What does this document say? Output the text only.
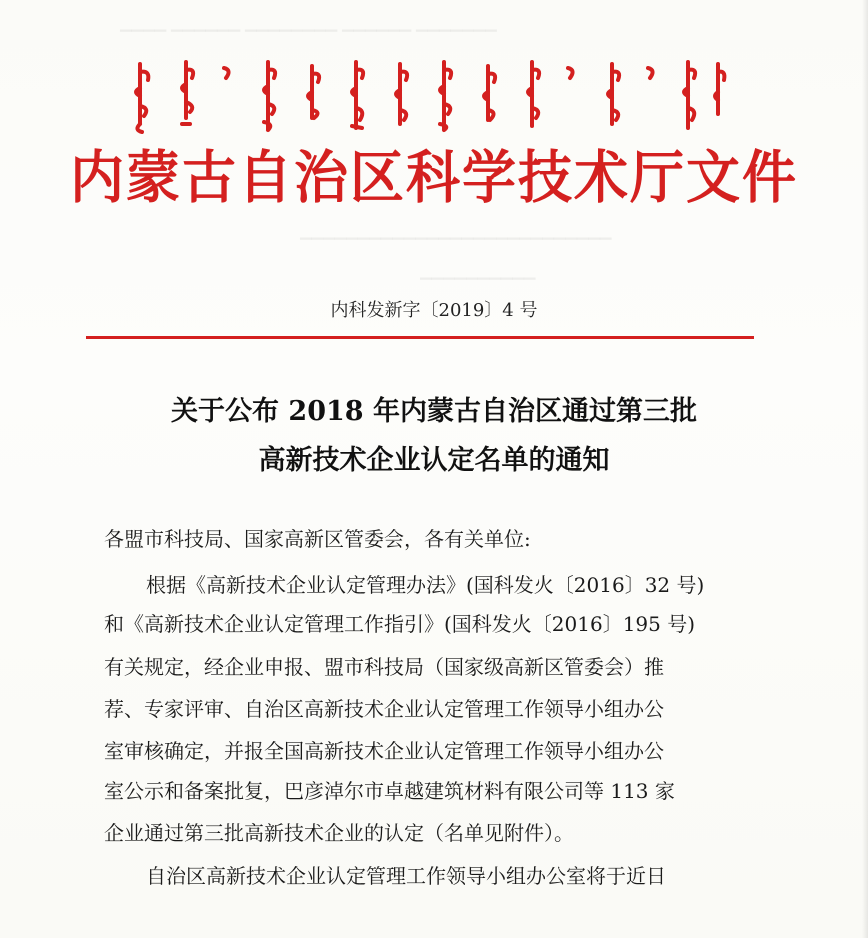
▁▁▁▁ ▁▁▁▁▁▁ ▁▁▁▁▁▁▁▁ ▁▁▁▁▁▁ ▁▁▁▁▁▁▁
▁▁▁▁▁▁▁▁▁▁▁▁▁▁▁▁▁▁▁▁▁▁▁▁▁▁▁
▁▁▁▁▁▁▁▁▁▁
内蒙古自治区科学技术厅文件
内科发新字〔2019〕4 号
关于公布 2018 年内蒙古自治区通过第三批
高新技术企业认定名单的通知
各盟市科技局、国家高新区管委会，各有关单位:
根据《高新技术企业认定管理办法》(国科发火〔2016〕32 号)
和《高新技术企业认定管理工作指引》(国科发火〔2016〕195 号)
有关规定，经企业申报、盟市科技局（国家级高新区管委会）推
荐、专家评审、自治区高新技术企业认定管理工作领导小组办公
室审核确定，并报全国高新技术企业认定管理工作领导小组办公
室公示和备案批复，巴彦淖尔市卓越建筑材料有限公司等 113 家
企业通过第三批高新技术企业的认定（名单见附件）。
自治区高新技术企业认定管理工作领导小组办公室将于近日
